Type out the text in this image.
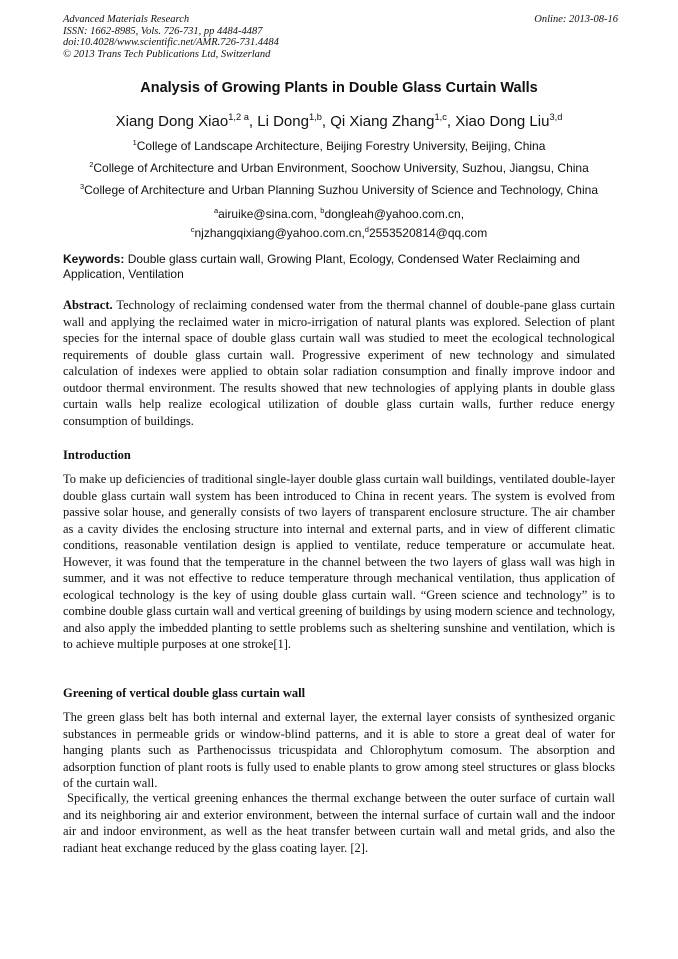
Advanced Materials Research
ISSN: 1662-8985, Vols. 726-731, pp 4484-4487
doi:10.4028/www.scientific.net/AMR.726-731.4484
© 2013 Trans Tech Publications Ltd, Switzerland
Online: 2013-08-16
Analysis of Growing Plants in Double Glass Curtain Walls
Xiang Dong Xiao$^{1,2 a}$, Li Dong$^{1,b}$, Qi Xiang Zhang$^{1,c}$, Xiao Dong Liu$^{3,d}$
$^1$College of Landscape Architecture, Beijing Forestry University, Beijing, China
$^2$College of Architecture and Urban Environment, Soochow University, Suzhou, Jiangsu, China
$^3$College of Architecture and Urban Planning Suzhou University of Science and Technology, China
$^a$airuike@sina.com, $^b$dongleah@yahoo.com.cn,
$^c$njzhangqixiang@yahoo.com.cn,$^d$2553520814@qq.com
Keywords: Double glass curtain wall, Growing Plant, Ecology, Condensed Water Reclaiming and Application, Ventilation
Abstract. Technology of reclaiming condensed water from the thermal channel of double-pane glass curtain wall and applying the reclaimed water in micro-irrigation of natural plants was explored. Selection of plant species for the internal space of double glass curtain wall was studied to meet the ecological technological requirements of double glass curtain wall. Progressive experiment of new technology and simulated calculation of indexes were applied to obtain solar radiation consumption and finally improve indoor and outdoor thermal environment. The results showed that new technologies of applying plants in double glass curtain walls help realize ecological utilization of double glass curtain walls, further reduce energy consumption of buildings.
Introduction
To make up deficiencies of traditional single-layer double glass curtain wall buildings, ventilated double-layer double glass curtain wall system has been introduced to China in recent years. The system is evolved from passive solar house, and generally consists of two layers of transparent enclosure structure. The air chamber as a cavity divides the enclosing structure into internal and external parts, and in view of different climatic conditions, reasonable ventilation design is applied to ventilate, reduce temperature or accumulate heat. However, it was found that the temperature in the channel between the two layers of glass wall was high in summer, and it was not effective to reduce temperature through mechanical ventilation, thus application of ecological technology is the key of using double glass curtain wall. “Green science and technology” is to combine double glass curtain wall and vertical greening of buildings by using modern science and technology, and also apply the imbedded planting to settle problems such as sheltering sunshine and ventilation, which is to achieve multiple purposes at one stroke[1].
Greening of vertical double glass curtain wall
The green glass belt has both internal and external layer, the external layer consists of synthesized organic substances in permeable grids or window-blind patterns, and it is able to store a great deal of water for hanging plants such as Parthenocissus tricuspidata and Chlorophytum comosum. The absorption and adsorption function of plant roots is fully used to enable plants to grow among steel structures or glass blocks of the curtain wall.
Specifically, the vertical greening enhances the thermal exchange between the outer surface of curtain wall and its neighboring air and exterior environment, between the internal surface of curtain wall and the indoor air and indoor environment, as well as the heat transfer between curtain wall and metal grids, and also the radiant heat exchange reduced by the glass coating layer. [2].
